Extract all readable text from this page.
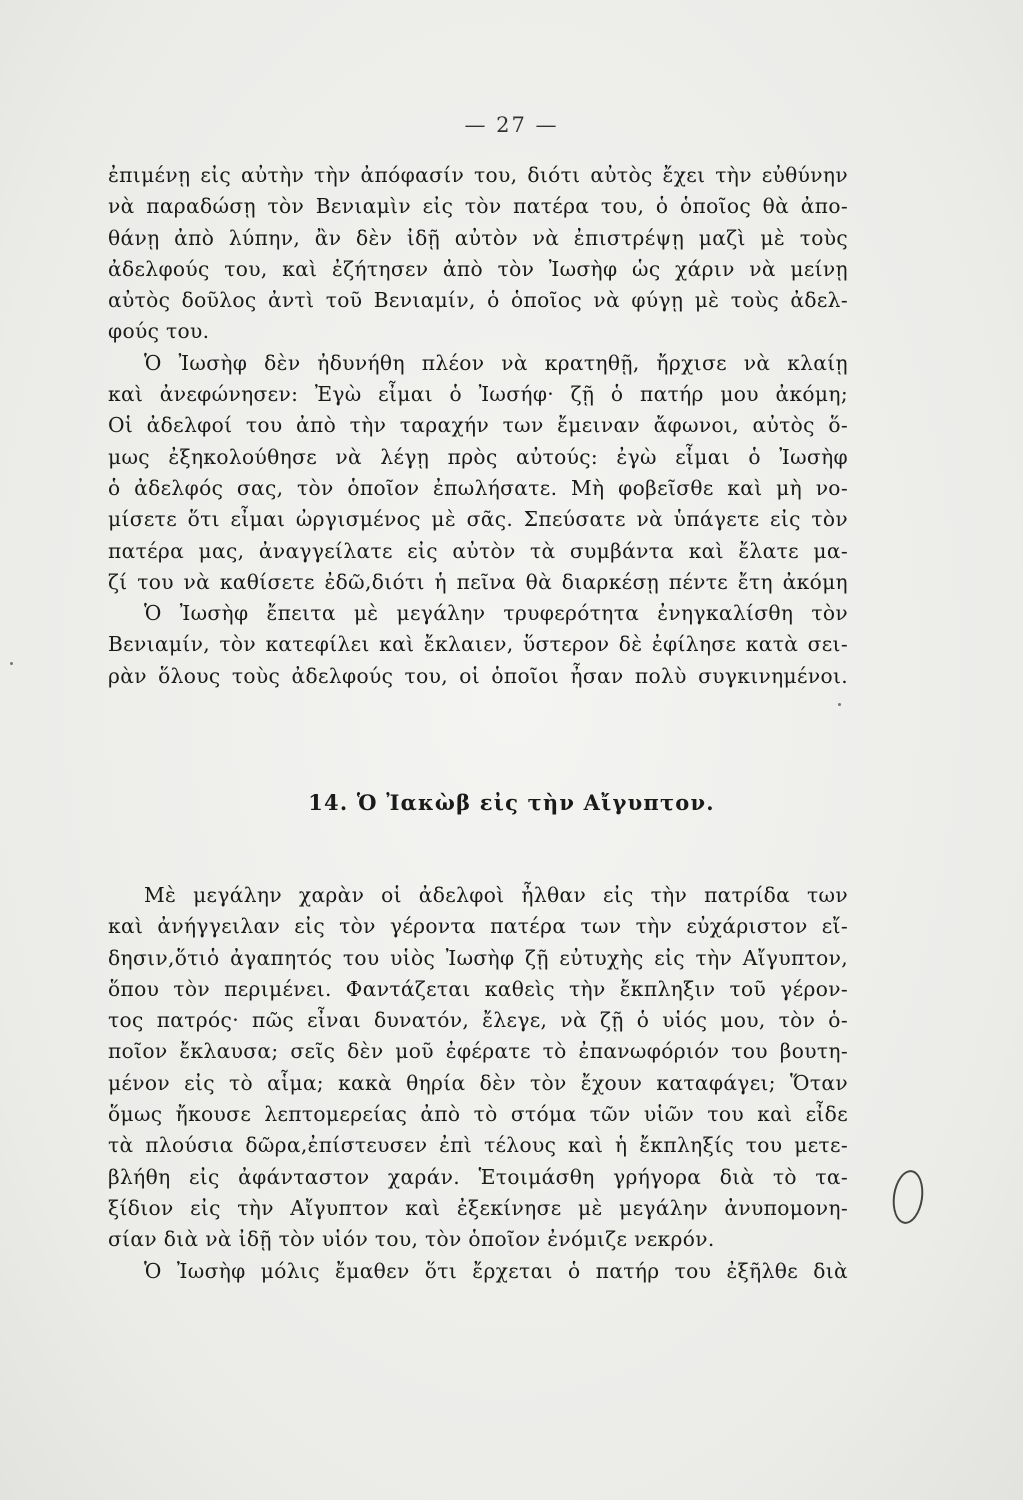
— 27 —
ἐπιμένῃ εἰς αὐτὴν τὴν ἀπόφασίν του, διότι αὐτὸς ἔχει τὴν εὐθύνην
νὰ παραδώσῃ τὸν Βενιαμὶν εἰς τὸν πατέρα του, ὁ ὁποῖος θὰ ἀπο-
θάνῃ ἀπὸ λύπην, ἂν δὲν ἰδῇ αὐτὸν νὰ ἐπιστρέψῃ μαζὶ μὲ τοὺς
ἀδελφούς του, καὶ ἐζήτησεν ἀπὸ τὸν Ἰωσὴφ ὡς χάριν νὰ μείνῃ
αὐτὸς δοῦλος ἀντὶ τοῦ Βενιαμίν, ὁ ὁποῖος νὰ φύγῃ μὲ τοὺς ἀδελ-
φούς του.
Ὁ Ἰωσὴφ δὲν ἠδυνήθη πλέον νὰ κρατηθῇ, ἤρχισε νὰ κλαίῃ
καὶ ἀνεφώνησεν: Ἐγὼ εἶμαι ὁ Ἰωσήφ· ζῇ ὁ πατήρ μου ἀκόμη;
Οἱ ἀδελφοί του ἀπὸ τὴν ταραχήν των ἔμειναν ἄφωνοι, αὐτὸς ὅ-
μως ἐξηκολούθησε νὰ λέγῃ πρὸς αὐτούς: ἐγὼ εἶμαι ὁ Ἰωσὴφ
ὁ ἀδελφός σας, τὸν ὁποῖον ἐπωλήσατε. Μὴ φοβεῖσθε καὶ μὴ νο-
μίσετε ὅτι εἶμαι ὠργισμένος μὲ σᾶς. Σπεύσατε νὰ ὑπάγετε εἰς τὸν
πατέρα μας, ἀναγγείλατε εἰς αὐτὸν τὰ συμβάντα καὶ ἔλατε μα-
ζί του νὰ καθίσετε ἐδῶ,διότι ἡ πεῖνα θὰ διαρκέσῃ πέντε ἔτη ἀκόμη
Ὁ Ἰωσὴφ ἔπειτα μὲ μεγάλην τρυφερότητα ἐνηγκαλίσθη τὸν
Βενιαμίν, τὸν κατεφίλει καὶ ἔκλαιεν, ὕστερον δὲ ἐφίλησε κατὰ σει-
ρὰν ὅλους τοὺς ἀδελφούς του, οἱ ὁποῖοι ἦσαν πολὺ συγκινημένοι.
14. Ὁ Ἰακὼβ εἰς τὴν Αἴγυπτον.
Μὲ μεγάλην χαρὰν οἱ ἀδελφοὶ ἦλθαν εἰς τὴν πατρίδα των
καὶ ἀνήγγειλαν εἰς τὸν γέροντα πατέρα των τὴν εὐχάριστον εἴ-
δησιν,ὅτιὁ ἀγαπητός του υἱὸς Ἰωσὴφ ζῇ εὐτυχὴς εἰς τὴν Αἴγυπτον,
ὅπου τὸν περιμένει. Φαντάζεται καθεὶς τὴν ἔκπληξιν τοῦ γέρον-
τος πατρός· πῶς εἶναι δυνατόν, ἔλεγε, νὰ ζῇ ὁ υἱός μου, τὸν ὁ-
ποῖον ἔκλαυσα; σεῖς δὲν μοῦ ἐφέρατε τὸ ἐπανωφόριόν του βουτη-
μένον εἰς τὸ αἷμα; κακὰ θηρία δὲν τὸν ἔχουν καταφάγει; Ὅταν
ὅμως ἤκουσε λεπτομερείας ἀπὸ τὸ στόμα τῶν υἱῶν του καὶ εἶδε
τὰ πλούσια δῶρα,ἐπίστευσεν ἐπὶ τέλους καὶ ἡ ἔκπληξίς του μετε-
βλήθη εἰς ἀφάνταστον χαράν. Ἑτοιμάσθη γρήγορα διὰ τὸ τα-
ξίδιον εἰς τὴν Αἴγυπτον καὶ ἐξεκίνησε μὲ μεγάλην ἀνυπομονη-
σίαν διὰ νὰ ἰδῇ τὸν υἱόν του, τὸν ὁποῖον ἐνόμιζε νεκρόν.
Ὁ Ἰωσὴφ μόλις ἔμαθεν ὅτι ἔρχεται ὁ πατήρ του ἐξῆλθε διὰ
